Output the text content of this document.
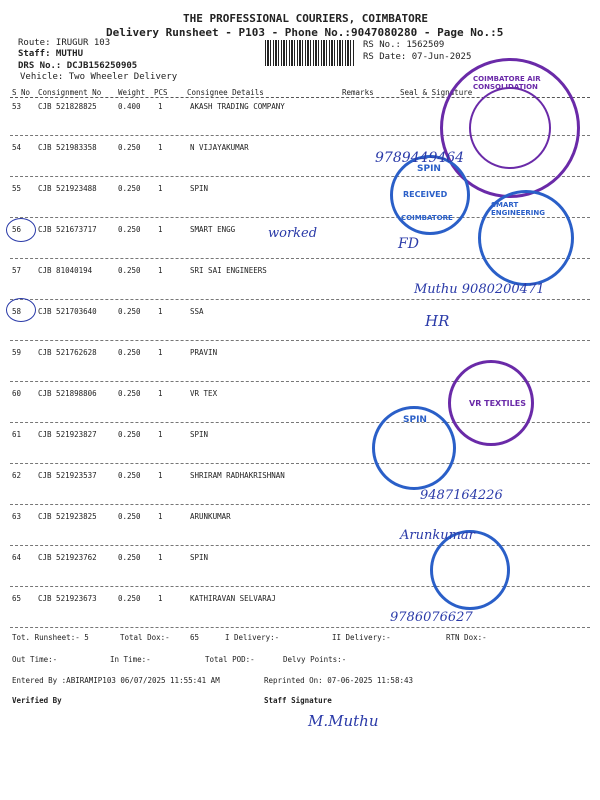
THE PROFESSIONAL COURIERS, COIMBATORE
Delivery Runsheet - P103 - Phone No.:9047080280 - Page No.:5
Route: IRUGUR 103
Staff: MUTHU
DRS No.: DCJB156250905
Vehicle: Two Wheeler Delivery
RS No.: 1562509
RS Date: 07-Jun-2025
S No Consignment No Weight PCS	Consignee Details	Remarks	Seal & Signature
53 CJB 521828825	0.400 1	AKASH TRADING COMPANY
54 CJB 521983358	0.250 1	N VIJAYAKUMAR
55 CJB 521923488	0.250 1	SPIN
56 CJB 521673717	0.250 1	SMART ENGG
57 CJB 81040194	0.250 1	SRI SAI ENGINEERS
58 CJB 521703640	0.250 1	SSA
59 CJB 521762628	0.250 1	PRAVIN
60 CJB 521898806	0.250 1	VR TEX
61 CJB 521923827	0.250 1	SPIN
62 CJB 521923537	0.250 1	SHRIRAM RADHAKRISHNAN
63 CJB 521923825	0.250 1	ARUNKUMAR
64 CJB 521923762	0.250 1	SPIN
65 CJB 521923673	0.250 1	KATHIRAVAN SELVARAJ
COIMBATORE AIR CONSOLIDATION
SPIN
RECEIVED
COIMBATORE
SMART ENGINEERING
VR TEXTILES
SPIN
9789449464
worked
FD
Muthu 9080200471
HR
9487164226
Arunkumar
9786076627
Tot. Runsheet:- 5	Total Dox:-	65	I Delivery:-	II Delivery:-	RTN Dox:-
Out Time:-	In Time:-	Total POD:-	Delvy Points:-
Entered By :ABIRAMIP103 06/07/2025 11:55:41 AM	Reprinted On: 07-06-2025 11:58:43
Verified By	Staff Signature
M.Muthu
